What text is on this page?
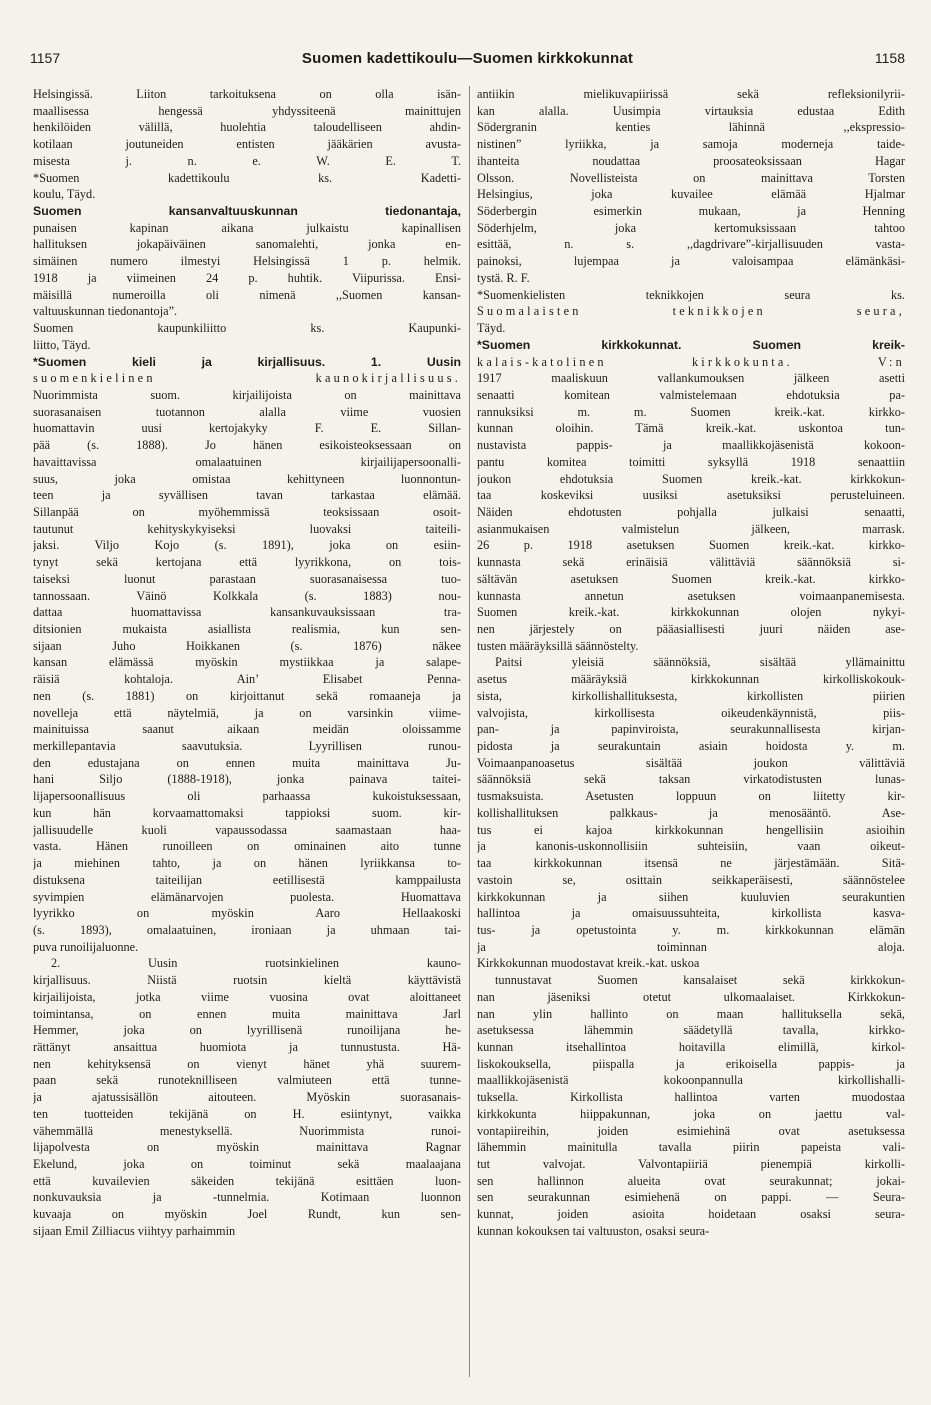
1157	Suomen kadettikoulu—Suomen kirkkokunnat	1158
Helsingissä. Liiton tarkoituksena on olla isän-
maallisessa hengessä yhdyssiteenä mainittujen
henkilöiden välillä, huolehtia taloudelliseen ahdin-
kotilaan joutuneiden entisten jääkärien avusta-
misesta j. n. e. W. E. T.
*Suomen kadettikoulu ks. Kadetti-
koulu, Täyd.
Suomen kansanvaltuuskunnan tiedonantaja,
punaisen kapinan aikana julkaistu kapinallisen
hallituksen jokapäiväinen sanomalehti, jonka en-
simäinen numero ilmestyi Helsingissä 1 p. helmik.
1918 ja viimeinen 24 p. huhtik. Viipurissa. Ensi-
mäisillä numeroilla oli nimenä ,,Suomen kansan-
valtuuskunnan tiedonantoja”.
Suomen kaupunkiliitto ks. Kaupunki-
liitto, Täyd.
*Suomen kieli ja kirjallisuus. 1. Uusin
suomenkielinen kaunokirjallisuus.
Nuorimmista suom. kirjailijoista on mainittava
suorasanaisen tuotannon alalla viime vuosien
huomattavin uusi kertojakyky F. E. Sillan-
pää (s. 1888). Jo hänen esikoisteoksessaan on
havaittavissa omalaatuinen kirjailijapersoonalli-
suus, joka omistaa kehittyneen luonnontun-
teen ja syvällisen tavan tarkastaa elämää.
Sillanpää on myöhemmissä teoksissaan osoit-
tautunut kehityskykyiseksi luovaksi taiteili-
jaksi. Viljo Kojo (s. 1891), joka on esiin-
tynyt sekä kertojana että lyyrikkona, on tois-
taiseksi luonut parastaan suorasanaisessa tuo-
tannossaan. Väinö Kolkkala (s. 1883) nou-
dattaa huomattavissa kansankuvauksissaan tra-
ditsionien mukaista asiallista realismia, kun sen-
sijaan Juho Hoikkanen (s. 1876) näkee
kansan elämässä myöskin mystiikkaa ja salape-
räisiä kohtaloja. Ain’ Elisabet Penna-
nen (s. 1881) on kirjoittanut sekä romaaneja ja
novelleja että näytelmiä, ja on varsinkin viime-
mainituissa saanut aikaan meidän oloissamme
merkillepantavia saavutuksia. Lyyrillisen runou-
den edustajana on ennen muita mainittava Ju-
hani Siljo (1888-1918), jonka painava taitei-
lijapersoonallisuus oli parhaassa kukoistuksessaan,
kun hän korvaamattomaksi tappioksi suom. kir-
jallisuudelle kuoli vapaussodassa saamastaan haa-
vasta. Hänen runoilleen on ominainen aito tunne
ja miehinen tahto, ja on hänen lyriikkansa to-
distuksena taiteilijan eetillisestä kamppailusta
syvimpien elämänarvojen puolesta. Huomattava
lyyrikko on myöskin Aaro Hellaakoski
(s. 1893), omalaatuinen, ironiaan ja uhmaan tai-
puva runoilijaluonne.
2. Uusin ruotsinkielinen kauno-
kirjallisuus. Niistä ruotsin kieltä käyttävistä
kirjailijoista, jotka viime vuosina ovat aloittaneet
toimintansa, on ennen muita mainittava Jarl
Hemmer, joka on lyyrillisenä runoilijana he-
rättänyt ansaittua huomiota ja tunnustusta. Hä-
nen kehityksensä on vienyt hänet yhä suurem-
paan sekä runoteknilliseen valmiuteen että tunne-
ja ajatussisällön aitouteen. Myöskin suorasanais-
ten tuotteiden tekijänä on H. esiintynyt, vaikka
vähemmällä menestyksellä. Nuorimmista runoi-
lijapolvesta on myöskin mainittava Ragnar
Ekelund, joka on toiminut sekä maalaajana
että kuvailevien säkeiden tekijänä esittäen luon-
nonkuvauksia ja -tunnelmia. Kotimaan luonnon
kuvaaja on myöskin Joel Rundt, kun sen-
sijaan Emil Zilliacus viihtyy parhaimmin
antiikin mielikuvapiirissä sekä refleksionilyrii-
kan alalla. Uusimpia virtauksia edustaa Edith
Södergranin kenties lähinnä ,,ekspressio-
nistinen” lyriikka, ja samoja moderneja taide-
ihanteita noudattaa proosateoksissaan Hagar
Olsson. Novellisteista on mainittava Torsten
Helsingius, joka kuvailee elämää Hjalmar
Söderbergin esimerkin mukaan, ja Henning
Söderhjelm, joka kertomuksissaan tahtoo
esittää, n. s. ,,dagdrivare”-kirjallisuuden vasta-
painoksi, lujempaa ja valoisampaa elämänkäsi-
tystä. R. F.
*Suomenkielisten teknikkojen seura ks.
Suomalaisten teknikkojen seura,
Täyd.
*Suomen kirkkokunnat. Suomen kreik-
kalais-katolinen kirkkokunta. V:n
1917 maaliskuun vallankumouksen jälkeen asetti
senaatti komitean valmistelemaan ehdotuksia pa-
rannuksiksi m. m. Suomen kreik.-kat. kirkko-
kunnan oloihin. Tämä kreik.-kat. uskontoa tun-
nustavista pappis- ja maallikkojäsenistä kokoon-
pantu komitea toimitti syksyllä 1918 senaattiin
joukon ehdotuksia Suomen kreik.-kat. kirkkokun-
taa koskeviksi uusiksi asetuksiksi perusteluineen.
Näiden ehdotusten pohjalla julkaisi senaatti,
asianmukaisen valmistelun jälkeen, marrask.
26 p. 1918 asetuksen Suomen kreik.-kat. kirkko-
kunnasta sekä erinäisiä välittäviä säännöksiä si-
sältävän asetuksen Suomen kreik.-kat. kirkko-
kunnasta annetun asetuksen voimaanpanemisesta.
Suomen kreik.-kat. kirkkokunnan olojen nykyi-
nen järjestely on pääasiallisesti juuri näiden ase-
tusten määräyksillä säännöstelty.
Paitsi yleisiä säännöksiä, sisältää yllämainittu
asetus määräyksiä kirkkokunnan kirkolliskokouk-
sista, kirkollishallituksesta, kirkollisten piirien
valvojista, kirkollisesta oikeudenkäynnistä, piis-
pan- ja papinviroista, seurakunnallisesta kirjan-
pidosta ja seurakuntain asiain hoidosta y. m.
Voimaanpanoasetus sisältää joukon välittäviä
säännöksiä sekä taksan virkatodistusten lunas-
tusmaksuista. Asetusten loppuun on liitetty kir-
kollishallituksen palkkaus- ja menosääntö. Ase-
tus ei kajoa kirkkokunnan hengellisiin asioihin
ja kanonis-uskonnollisiin suhteisiin, vaan oikeut-
taa kirkkokunnan itsensä ne järjestämään. Sitä-
vastoin se, osittain seikkaperäisesti, säännöstelee
kirkkokunnan ja siihen kuuluvien seurakuntien
hallintoa ja omaisuussuhteita, kirkollista kasva-
tus- ja opetustointa y. m. kirkkokunnan elämän
ja toiminnan aloja.
Kirkkokunnan muodostavat kreik.-kat. uskoa
tunnustavat Suomen kansalaiset sekä kirkkokun-
nan jäseniksi otetut ulkomaalaiset. Kirkkokun-
nan ylin hallinto on maan hallituksella sekä,
asetuksessa lähemmin säädetyllä tavalla, kirkko-
kunnan itsehallintoa hoitavilla elimillä, kirkol-
liskokouksella, piispalla ja erikoisella pappis- ja
maallikkojäsenistä kokoonpannulla kirkollishalli-
tuksella. Kirkollista hallintoa varten muodostaa
kirkkokunta hiippakunnan, joka on jaettu val-
vontapiireihin, joiden esimiehinä ovat asetuksessa
lähemmin mainitulla tavalla piirin papeista vali-
tut valvojat. Valvontapiiriä pienempiä kirkolli-
sen hallinnon alueita ovat seurakunnat; jokai-
sen seurakunnan esimiehenä on pappi. — Seura-
kunnat, joiden asioita hoidetaan osaksi seura-
kunnan kokouksen tai valtuuston, osaksi seura-
